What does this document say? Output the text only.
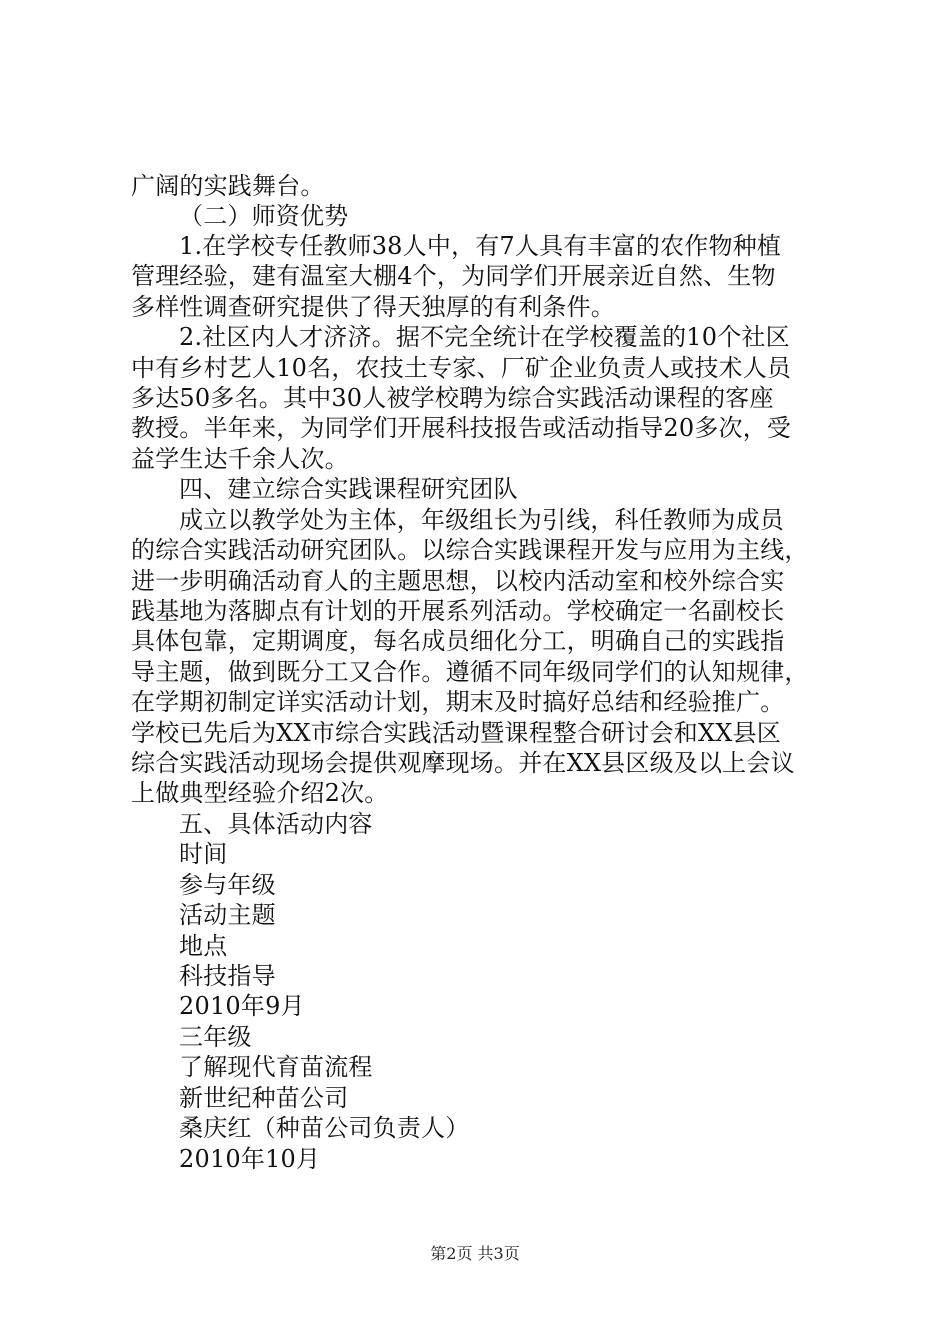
广阔的实践舞台。
（二）师资优势
1.在学校专任教师38人中，有7人具有丰富的农作物种植
管理经验，建有温室大棚4个，为同学们开展亲近自然、生物
多样性调查研究提供了得天独厚的有利条件。
2.社区内人才济济。据不完全统计在学校覆盖的10个社区
中有乡村艺人10名，农技土专家、厂矿企业负责人或技术人员
多达50多名。其中30人被学校聘为综合实践活动课程的客座
教授。半年来，为同学们开展科技报告或活动指导20多次，受
益学生达千余人次。
四、建立综合实践课程研究团队
成立以教学处为主体，年级组长为引线，科任教师为成员
的综合实践活动研究团队。以综合实践课程开发与应用为主线，
进一步明确活动育人的主题思想，以校内活动室和校外综合实
践基地为落脚点有计划的开展系列活动。学校确定一名副校长
具体包靠，定期调度，每名成员细化分工，明确自己的实践指
导主题，做到既分工又合作。遵循不同年级同学们的认知规律，
在学期初制定详实活动计划，期末及时搞好总结和经验推广。
学校已先后为XX市综合实践活动暨课程整合研讨会和XX县区
综合实践活动现场会提供观摩现场。并在XX县区级及以上会议
上做典型经验介绍2次。
五、具体活动内容
时间
参与年级
活动主题
地点
科技指导
2010年9月
三年级
了解现代育苗流程
新世纪种苗公司
桑庆红（种苗公司负责人）
2010年10月
第2页 共3页
